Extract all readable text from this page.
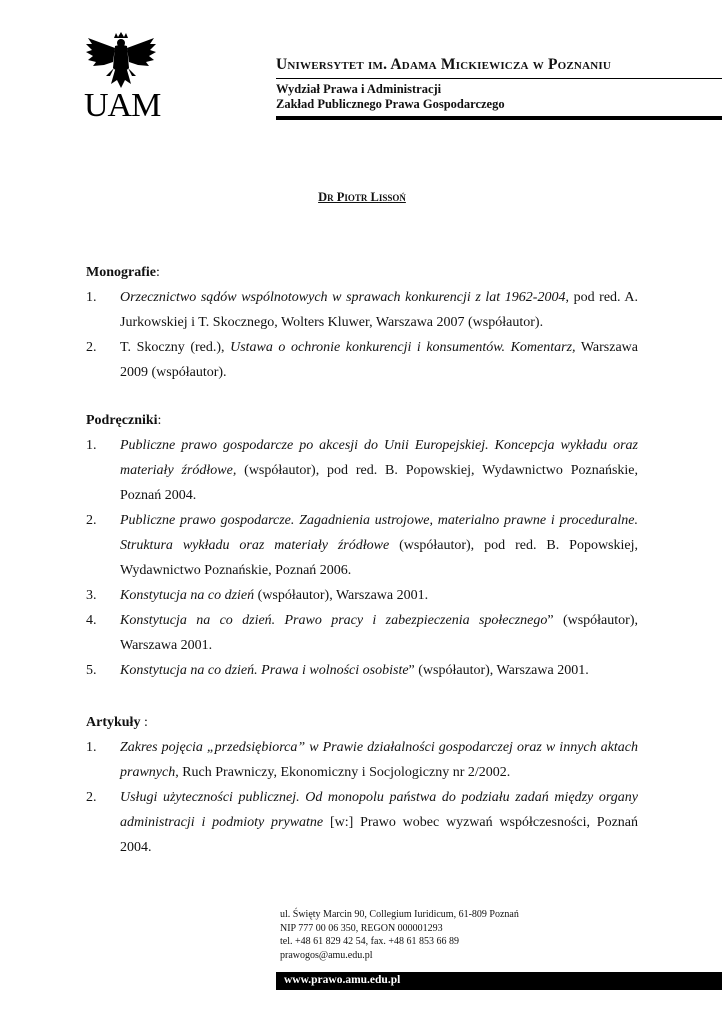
UAM
Uniwersytet im. Adama Mickiewicza w Poznaniu
Wydział Prawa i Administracji
Zakład Publicznego Prawa Gospodarczego
Dr Piotr Lissoń
Monografie:
1.	Orzecznictwo sądów wspólnotowych w sprawach konkurencji z lat 1962-2004, pod red. A. Jurkowskiej i T. Skocznego, Wolters Kluwer, Warszawa 2007 (współautor).
2.	T. Skoczny (red.), Ustawa o ochronie konkurencji i konsumentów. Komentarz, Warszawa 2009 (współautor).
Podręczniki:
1.	Publiczne prawo gospodarcze po akcesji do Unii Europejskiej. Koncepcja wykładu oraz materiały źródłowe, (współautor), pod red. B. Popowskiej, Wydawnictwo Poznańskie, Poznań 2004.
2.	Publiczne prawo gospodarcze. Zagadnienia ustrojowe, materialno prawne i proceduralne. Struktura wykładu oraz materiały źródłowe (współautor), pod red. B. Popowskiej, Wydawnictwo Poznańskie, Poznań 2006.
3.	Konstytucja na co dzień (współautor), Warszawa 2001.
4.	Konstytucja na co dzień. Prawo pracy i zabezpieczenia społecznego” (współautor), Warszawa 2001.
5.	Konstytucja na co dzień. Prawa i wolności osobiste” (współautor), Warszawa 2001.
Artykuły :
1.	Zakres pojęcia „przedsiębiorca” w Prawie działalności gospodarczej oraz w innych aktach prawnych, Ruch Prawniczy, Ekonomiczny i Socjologiczny nr 2/2002.
2.	Usługi użyteczności publicznej. Od monopolu państwa do podziału zadań między organy administracji i podmioty prywatne [w:] Prawo wobec wyzwań współczesności, Poznań 2004.
ul. Święty Marcin 90, Collegium Iuridicum, 61-809 Poznań
NIP 777 00 06 350, REGON 000001293
tel. +48 61 829 42 54, fax. +48 61 853 66 89
prawogos@amu.edu.pl
www.prawo.amu.edu.pl
